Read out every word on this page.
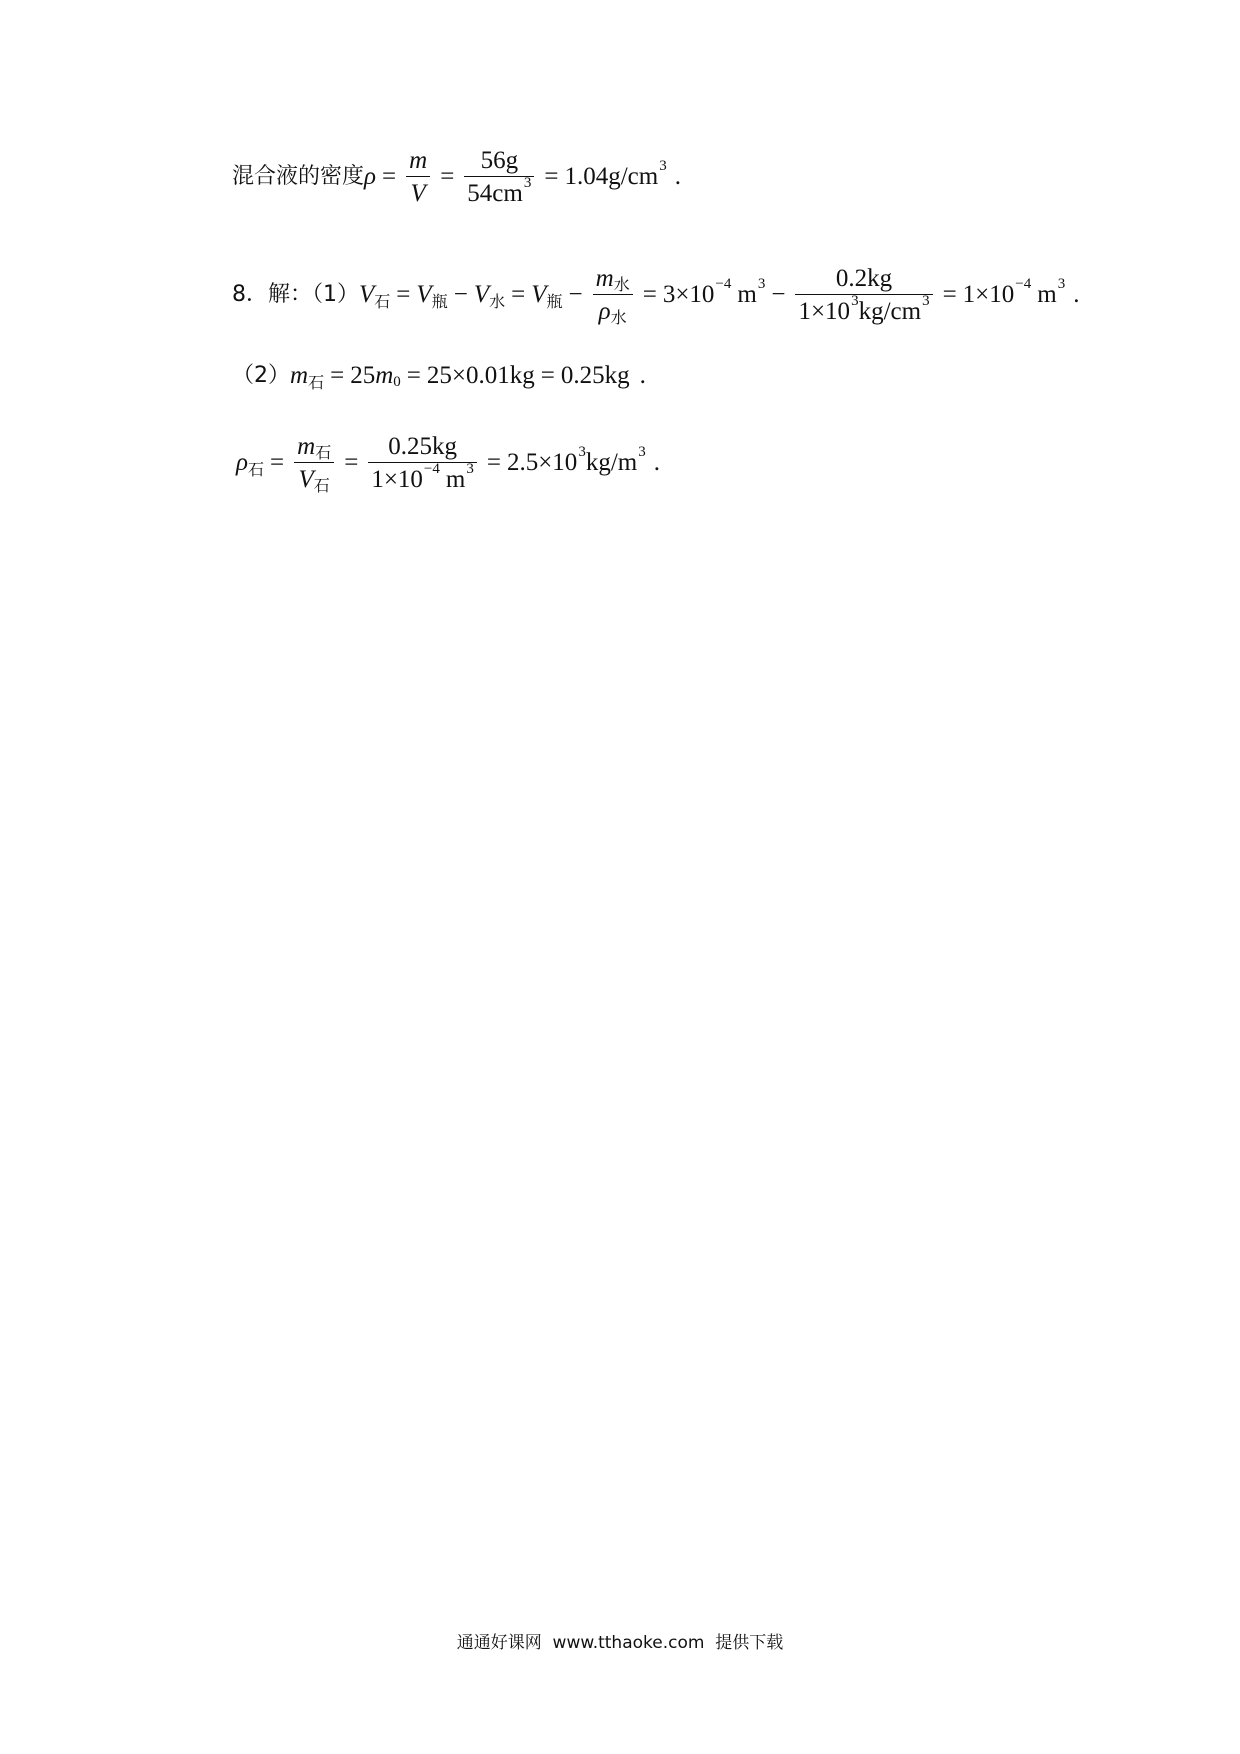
混合液的密度 $\rho = \frac{m}{V} = \frac{56g}{54cm 3} = 1.04g/cm$ 3 .
8．解：（1） V 石 = V 瓶 − V 水 = V 瓶 − $\frac{\text{m 水}}{\text{ρ 水}} = 3\times 10 -4$ m $3 - \frac{0.2kg}{1\times 10 3 kg/cm 3} = 1\times 10 -4$ m 3 .
（2） m 石 = 25 m 0 = 25×0.01kg = 0.25kg .
ρ 石 = $\frac{\text{m 石}}{\text{V 石}} = \frac{0.25kg}{1\times 10 -4 m 3} = 2.5\times 10$ 3 kg/m 3 .
通通好课网  www.tthaoke.com  提供下载
